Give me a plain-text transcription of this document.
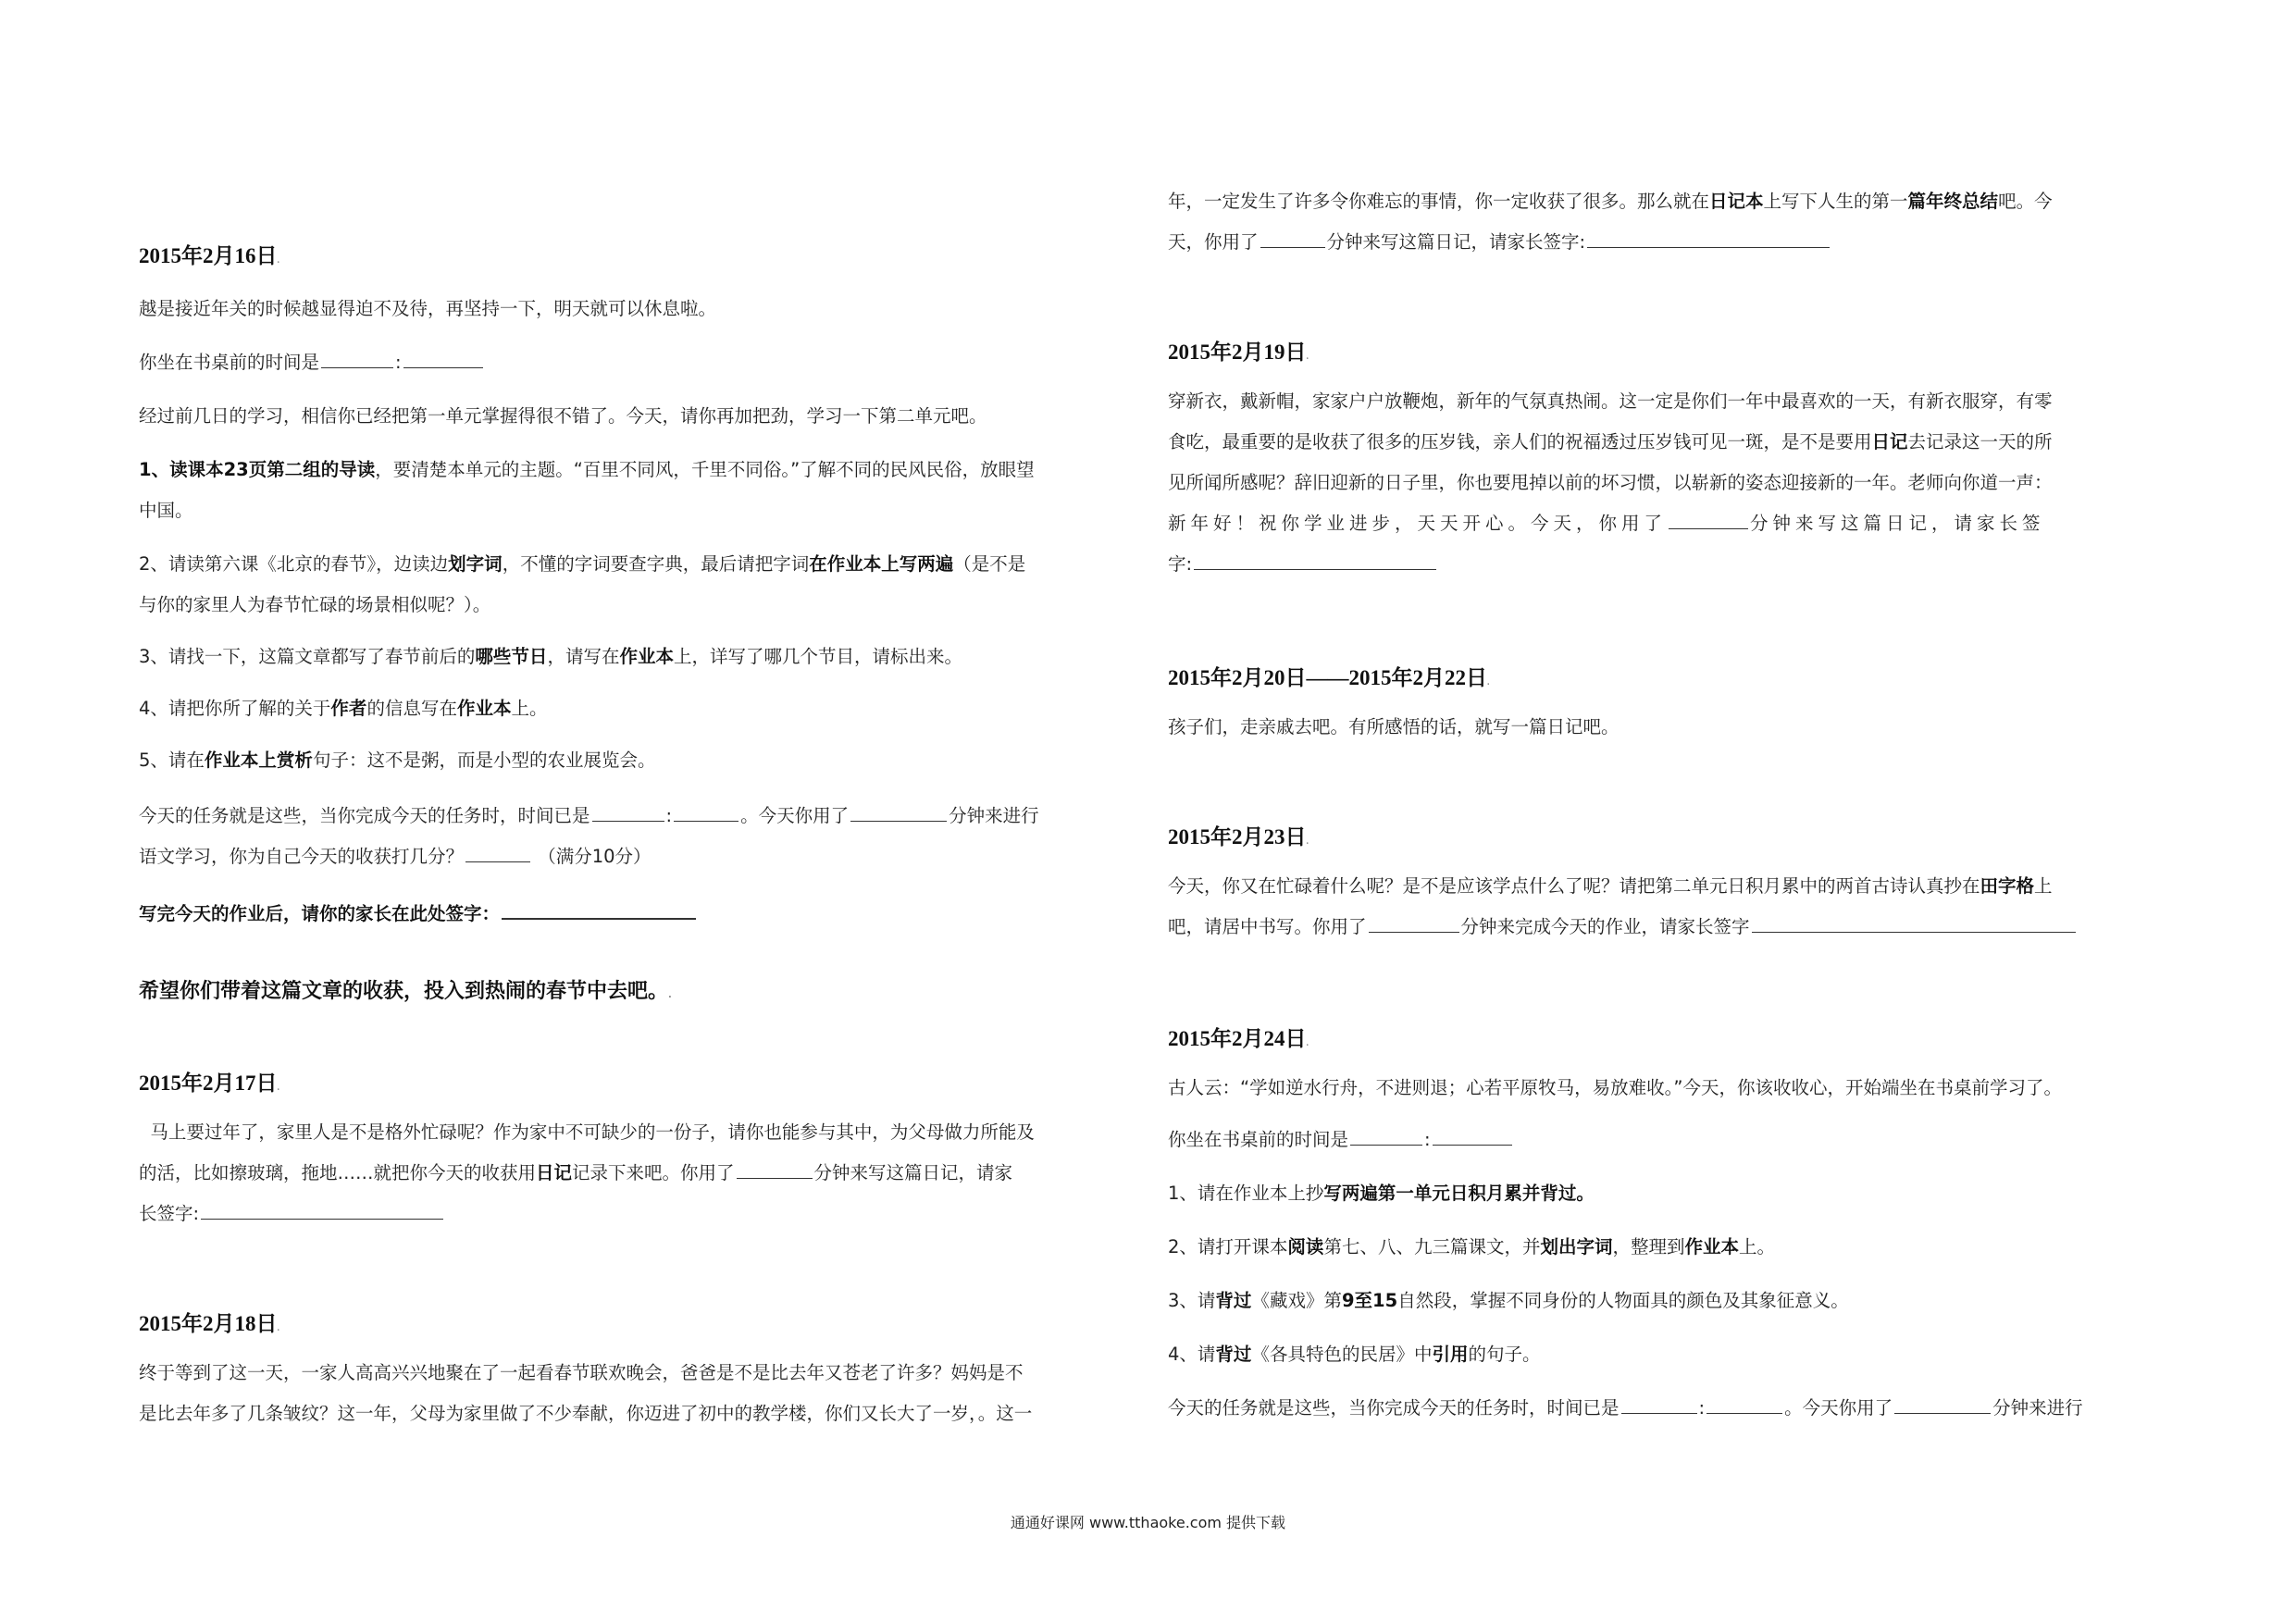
2015年2月16日.

越是接近年关的时候越显得迫不及待，再坚持一下，明天就可以休息啦。

你坐在书桌前的时间是	:

经过前几日的学习，相信你已经把第一单元掌握得很不错了。今天，请你再加把劲，学习一下第二单元吧。

1、读课本23页第二组的导读，要清楚本单元的主题。“百里不同风，千里不同俗。”了解不同的民风民俗，放眼望
中国。

2、请读第六课《北京的春节》，边读边划字词，不懂的字词要查字典，最后请把字词在作业本上写两遍（是不是
与你的家里人为春节忙碌的场景相似呢？）。

3、请找一下，这篇文章都写了春节前后的哪些节日，请写在作业本上，详写了哪几个节目，请标出来。

4、请把你所了解的关于作者的信息写在作业本上。

5、请在作业本上赏析句子：这不是粥，而是小型的农业展览会。

今天的任务就是这些，当你完成今天的任务时，时间已是	:	。今天你用了	分钟来进行
语文学习，你为自己今天的收获打几分？	（满分10分）

写完今天的作业后，请你的家长在此处签字：

希望你们带着这篇文章的收获，投入到热闹的春节中去吧。.

2015年2月17日.

马上要过年了，家里人是不是格外忙碌呢？作为家中不可缺少的一份子，请你也能参与其中，为父母做力所能及
的活，比如擦玻璃，拖地……就把你今天的收获用日记记录下来吧。你用了	分钟来写这篇日记，请家
长签字:

2015年2月18日.

终于等到了这一天，一家人高高兴兴地聚在了一起看春节联欢晚会，爸爸是不是比去年又苍老了许多？妈妈是不
是比去年多了几条皱纹？这一年，父母为家里做了不少奉献，你迈进了初中的教学楼，你们又长大了一岁，。这一

年，一定发生了许多令你难忘的事情，你一定收获了很多。那么就在日记本上写下人生的第一篇年终总结吧。今
天，你用了	分钟来写这篇日记，请家长签字:

2015年2月19日.

穿新衣，戴新帽，家家户户放鞭炮，新年的气氛真热闹。这一定是你们一年中最喜欢的一天，有新衣服穿，有零
食吃，最重要的是收获了很多的压岁钱，亲人们的祝福透过压岁钱可见一斑，是不是要用日记去记录这一天的所
见所闻所感呢？辞旧迎新的日子里，你也要甩掉以前的坏习惯，以崭新的姿态迎接新的一年。老师向你道一声：
新年好！祝你学业进步，天天开心。今天，你用了	分钟来写这篇日记，请家长签
字:

2015年2月20日——2015年2月22日.

孩子们，走亲戚去吧。有所感悟的话，就写一篇日记吧。

2015年2月23日.

今天，你又在忙碌着什么呢？是不是应该学点什么了呢？请把第二单元日积月累中的两首古诗认真抄在田字格上
吧，请居中书写。你用了	分钟来完成今天的作业，请家长签字

2015年2月24日.

古人云：“学如逆水行舟，不进则退；心若平原牧马，易放难收。”今天，你该收收心，开始端坐在书桌前学习了。

你坐在书桌前的时间是	:

1、请在作业本上抄写两遍第一单元日积月累并背过。

2、请打开课本阅读第七、八、九三篇课文，并划出字词，整理到作业本上。

3、请背过《藏戏》第9至15自然段，掌握不同身份的人物面具的颜色及其象征意义。

4、请背过《各具特色的民居》中引用的句子。

今天的任务就是这些，当你完成今天的任务时，时间已是	:	。今天你用了	分钟来进行

通通好课网 www.tthaoke.com 提供下载
